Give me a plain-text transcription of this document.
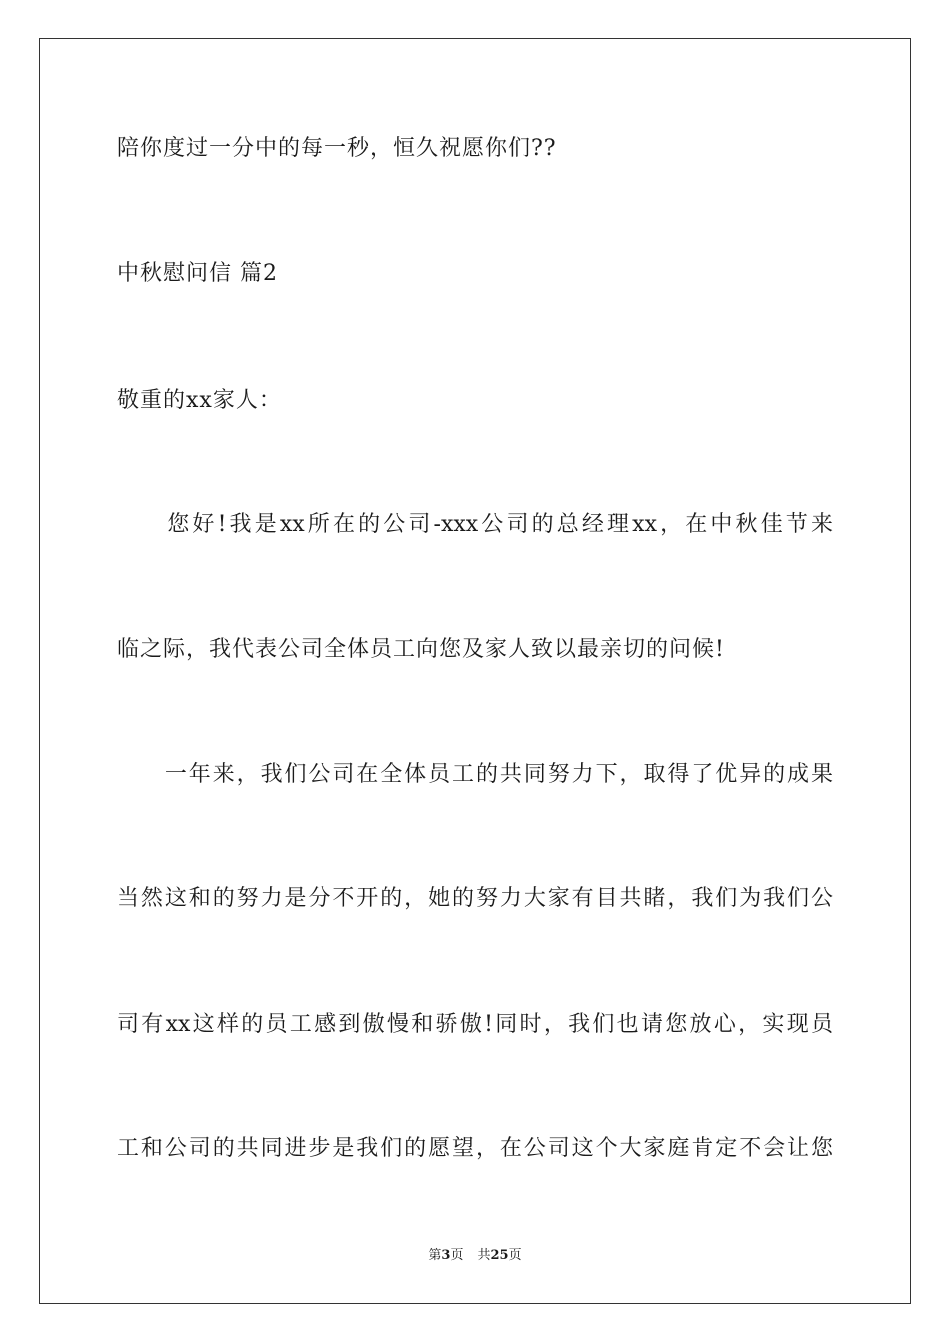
陪你度过一分中的每一秒，恒久祝愿你们??
中秋慰问信 篇2
敬重的xx家人：
　　您好!我是xx所在的公司-xxx公司的总经理xx，在中秋佳节来
临之际，我代表公司全体员工向您及家人致以最亲切的问候!
　　一年来，我们公司在全体员工的共同努力下，取得了优异的成果
当然这和的努力是分不开的，她的努力大家有目共睹，我们为我们公
司有xx这样的员工感到傲慢和骄傲!同时，我们也请您放心，实现员
工和公司的共同进步是我们的愿望，在公司这个大家庭肯定不会让您
第3页 共25页
